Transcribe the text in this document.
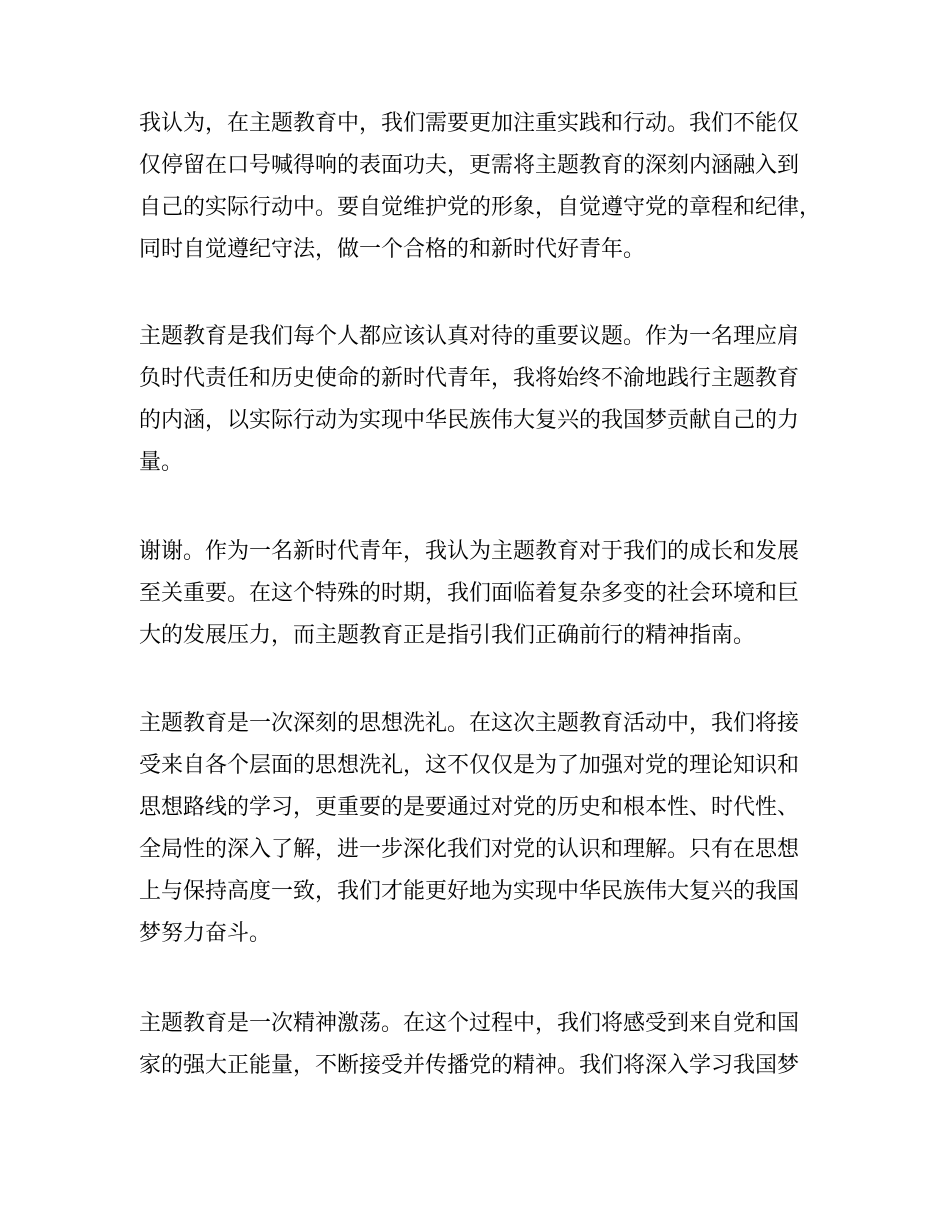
我认为，在主题教育中，我们需要更加注重实践和行动。我们不能仅
仅停留在口号喊得响的表面功夫，更需将主题教育的深刻内涵融入到
自己的实际行动中。要自觉维护党的形象，自觉遵守党的章程和纪律，
同时自觉遵纪守法，做一个合格的和新时代好青年。
主题教育是我们每个人都应该认真对待的重要议题。作为一名理应肩
负时代责任和历史使命的新时代青年，我将始终不渝地践行主题教育
的内涵，以实际行动为实现中华民族伟大复兴的我国梦贡献自己的力
量。
谢谢。作为一名新时代青年，我认为主题教育对于我们的成长和发展
至关重要。在这个特殊的时期，我们面临着复杂多变的社会环境和巨
大的发展压力，而主题教育正是指引我们正确前行的精神指南。
主题教育是一次深刻的思想洗礼。在这次主题教育活动中，我们将接
受来自各个层面的思想洗礼，这不仅仅是为了加强对党的理论知识和
思想路线的学习，更重要的是要通过对党的历史和根本性、时代性、
全局性的深入了解，进一步深化我们对党的认识和理解。只有在思想
上与保持高度一致，我们才能更好地为实现中华民族伟大复兴的我国
梦努力奋斗。
主题教育是一次精神激荡。在这个过程中，我们将感受到来自党和国
家的强大正能量，不断接受并传播党的精神。我们将深入学习我国梦
